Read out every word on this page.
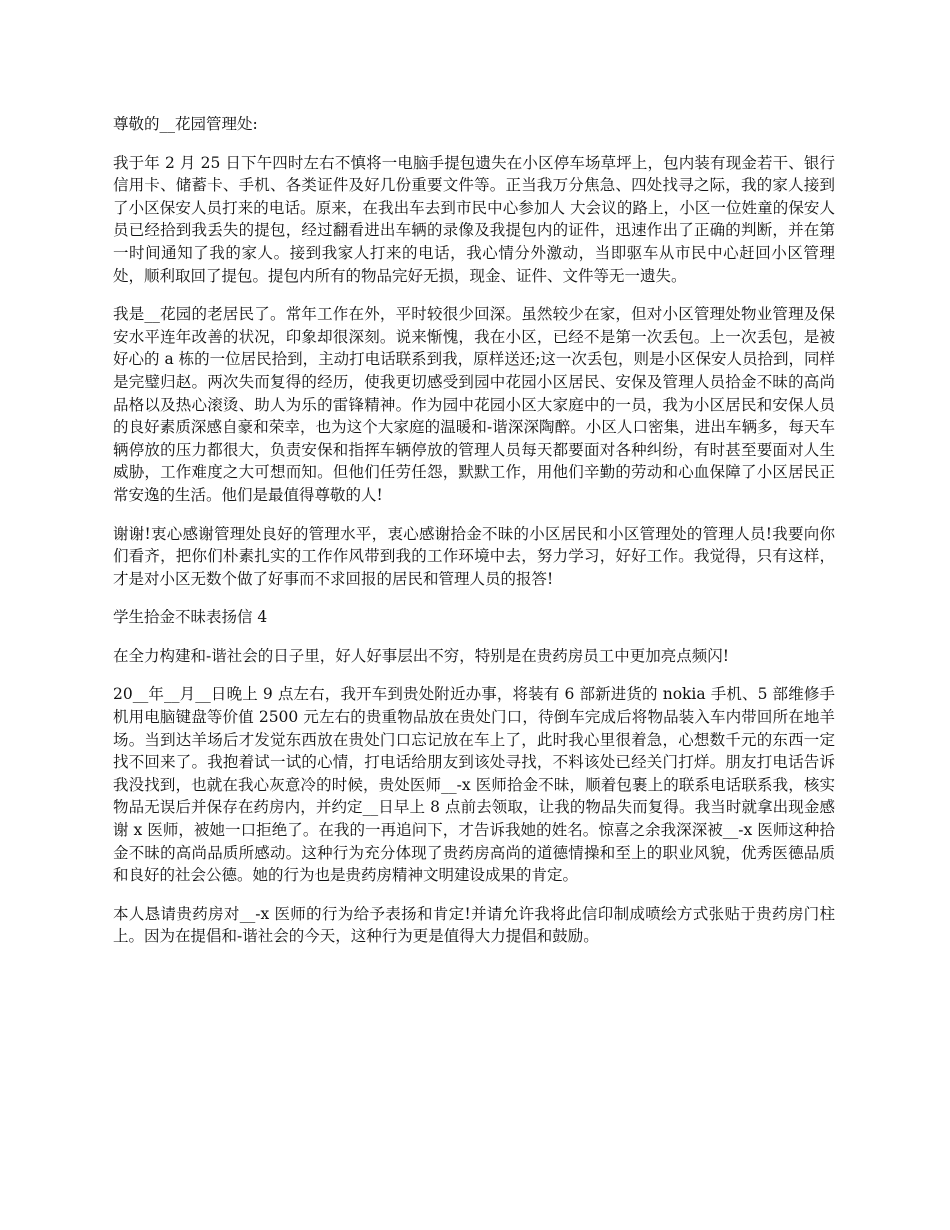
尊敬的__花园管理处:

我于年 2 月 25 日下午四时左右不慎将一电脑手提包遗失在小区停车场草坪上，包内装有现金若干、银行信用卡、储蓄卡、手机、各类证件及好几份重要文件等。正当我万分焦急、四处找寻之际，我的家人接到了小区保安人员打来的电话。原来，在我出车去到市民中心参加人 大会议的路上，小区一位姓童的保安人员已经拾到我丢失的提包，经过翻看进出车辆的录像及我提包内的证件，迅速作出了正确的判断，并在第一时间通知了我的家人。接到我家人打来的电话，我心情分外激动，当即驱车从市民中心赶回小区管理处，顺利取回了提包。提包内所有的物品完好无损，现金、证件、文件等无一遗失。

我是__花园的老居民了。常年工作在外，平时较很少回深。虽然较少在家，但对小区管理处物业管理及保安水平连年改善的状况，印象却很深刻。说来惭愧，我在小区，已经不是第一次丢包。上一次丢包，是被好心的 a 栋的一位居民拾到，主动打电话联系到我，原样送还;这一次丢包，则是小区保安人员拾到，同样是完璧归赵。两次失而复得的经历，使我更切感受到园中花园小区居民、安保及管理人员拾金不昧的高尚品格以及热心滚烫、助人为乐的雷锋精神。作为园中花园小区大家庭中的一员，我为小区居民和安保人员的良好素质深感自豪和荣幸，也为这个大家庭的温暖和-谐深深陶醉。小区人口密集，进出车辆多，每天车辆停放的压力都很大，负责安保和指挥车辆停放的管理人员每天都要面对各种纠纷，有时甚至要面对人生威胁，工作难度之大可想而知。但他们任劳任怨，默默工作，用他们辛勤的劳动和心血保障了小区居民正常安逸的生活。他们是最值得尊敬的人!

谢谢!衷心感谢管理处良好的管理水平，衷心感谢拾金不昧的小区居民和小区管理处的管理人员!我要向你们看齐，把你们朴素扎实的工作作风带到我的工作环境中去，努力学习，好好工作。我觉得，只有这样，才是对小区无数个做了好事而不求回报的居民和管理人员的报答!

学生拾金不昧表扬信 4

在全力构建和-谐社会的日子里，好人好事层出不穷，特别是在贵药房员工中更加亮点频闪!

20__年__月__日晚上 9 点左右，我开车到贵处附近办事，将装有 6 部新进货的 nokia 手机、5 部维修手机用电脑键盘等价值 2500 元左右的贵重物品放在贵处门口，待倒车完成后将物品装入车内带回所在地羊场。当到达羊场后才发觉东西放在贵处门口忘记放在车上了，此时我心里很着急，心想数千元的东西一定找不回来了。我抱着试一试的心情，打电话给朋友到该处寻找，不料该处已经关门打烊。朋友打电话告诉我没找到，也就在我心灰意冷的时候，贵处医师__-x 医师拾金不昧，顺着包裹上的联系电话联系我，核实物品无误后并保存在药房内，并约定__日早上 8 点前去领取，让我的物品失而复得。我当时就拿出现金感谢 x 医师，被她一口拒绝了。在我的一再追问下，才告诉我她的姓名。惊喜之余我深深被__-x 医师这种拾金不昧的高尚品质所感动。这种行为充分体现了贵药房高尚的道德情操和至上的职业风貌，优秀医德品质和良好的社会公德。她的行为也是贵药房精神文明建设成果的肯定。

本人恳请贵药房对__-x 医师的行为给予表扬和肯定!并请允许我将此信印制成喷绘方式张贴于贵药房门柱上。因为在提倡和-谐社会的今天，这种行为更是值得大力提倡和鼓励。
